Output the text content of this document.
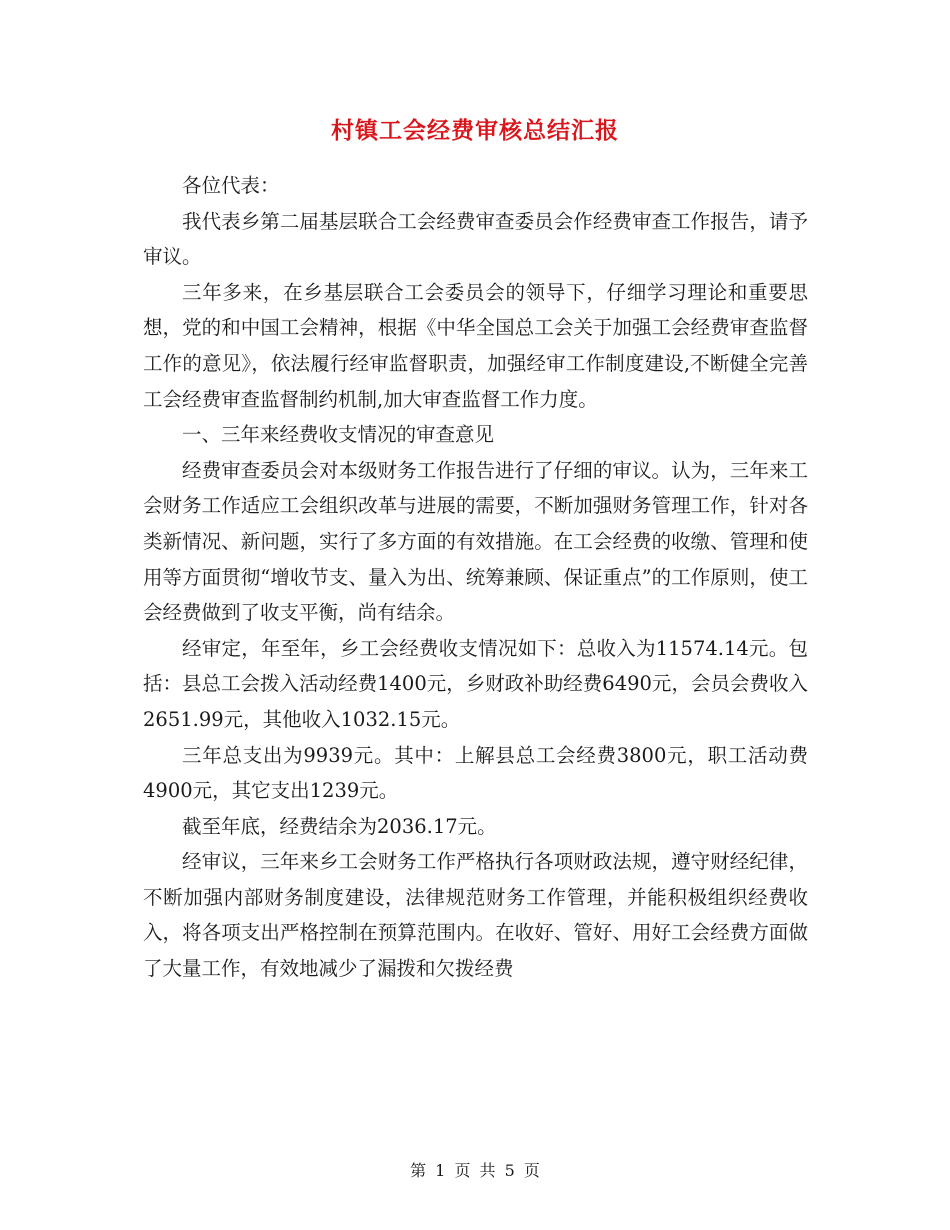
村镇工会经费审核总结汇报

各位代表：

我代表乡第二届基层联合工会经费审查委员会作经费审查工作报告，请予审议。

三年多来，在乡基层联合工会委员会的领导下，仔细学习理论和重要思想，党的和中国工会精神，根据《中华全国总工会关于加强工会经费审查监督工作的意见》，依法履行经审监督职责，加强经审工作制度建设,不断健全完善工会经费审查监督制约机制,加大审查监督工作力度。

一、三年来经费收支情况的审查意见

经费审查委员会对本级财务工作报告进行了仔细的审议。认为，三年来工会财务工作适应工会组织改革与进展的需要，不断加强财务管理工作，针对各类新情况、新问题，实行了多方面的有效措施。在工会经费的收缴、管理和使用等方面贯彻“增收节支、量入为出、统筹兼顾、保证重点”的工作原则，使工会经费做到了收支平衡，尚有结余。

经审定，年至年，乡工会经费收支情况如下：总收入为11574.14元。包括：县总工会拨入活动经费1400元，乡财政补助经费6490元，会员会费收入2651.99元，其他收入1032.15元。

三年总支出为9939元。其中：上解县总工会经费3800元，职工活动费4900元，其它支出1239元。

截至年底，经费结余为2036.17元。

经审议，三年来乡工会财务工作严格执行各项财政法规，遵守财经纪律，不断加强内部财务制度建设，法律规范财务工作管理，并能积极组织经费收入，将各项支出严格控制在预算范围内。在收好、管好、用好工会经费方面做了大量工作，有效地减少了漏拨和欠拨经费

第 1 页 共 5 页
